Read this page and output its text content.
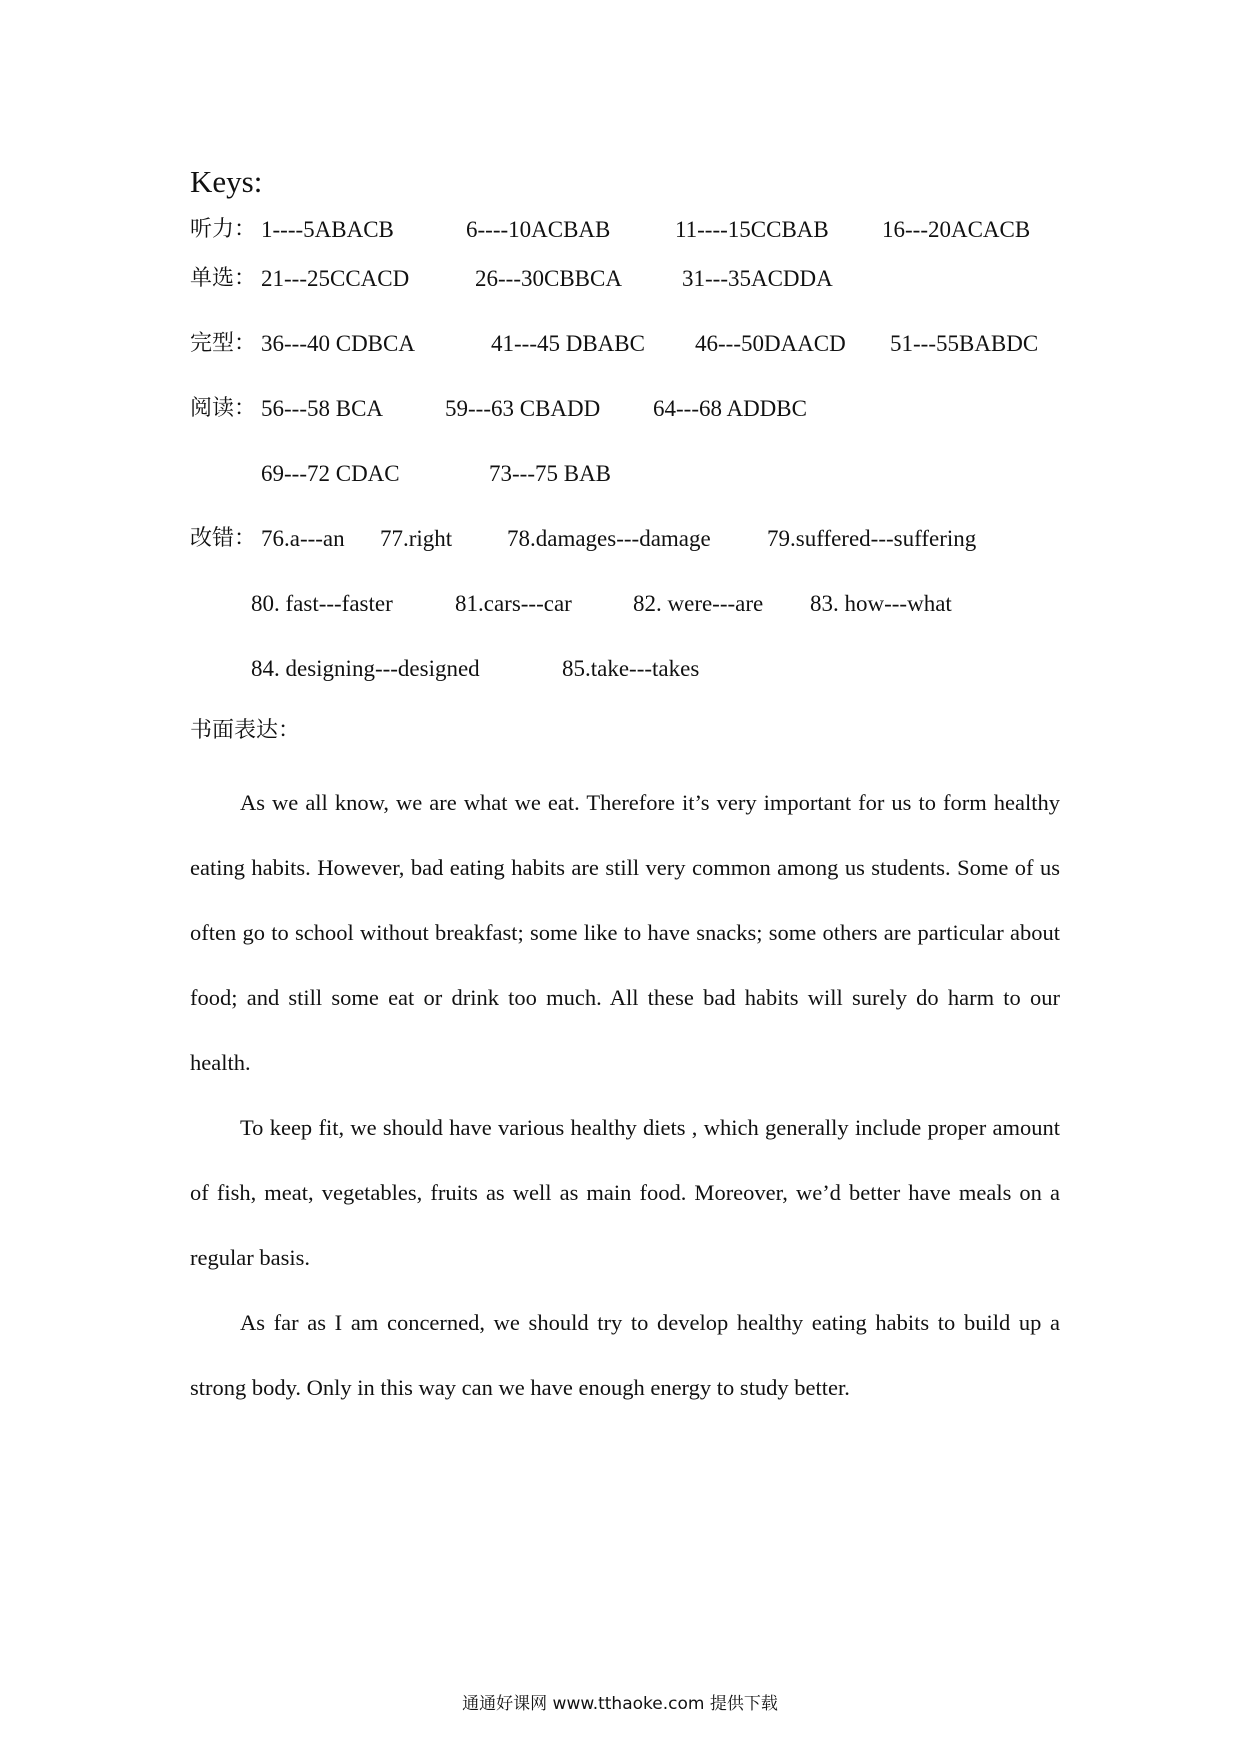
Keys:
听力： 1----5ABACB	6----10ACBAB	11----15CCBAB 16---20ACACB
单选： 21---25CCACD	26---30CBBCA	31---35ACDDA
完型： 36---40 CDBCA	41---45 DBABC 46---50DAACD 51---55BABDC
阅读： 56---58 BCA	59---63 CBADD 64---68 ADDBC
69---72 CDAC	73---75 BAB
改错： 76.a---an 77.right 78.damages---damage 79.suffered---suffering
80. fast---faster	81.cars---car	82. were---are 83. how---what
84. designing---designed	85.take---takes
书面表达：

As we all know, we are what we eat. Therefore it’s very important for us to form healthy eating habits. However, bad eating habits are still very common among us students. Some of us often go to school without breakfast; some like to have snacks; some others are particular about food; and still some eat or drink too much. All these bad habits will surely do harm to our health.

To keep fit, we should have various healthy diets , which generally include proper amount of fish, meat, vegetables, fruits as well as main food. Moreover, we’d better have meals on a regular basis.

As far as I am concerned, we should try to develop healthy eating habits to build up a strong body. Only in this way can we have enough energy to study better.

通通好课网 www.tthaoke.com 提供下载
